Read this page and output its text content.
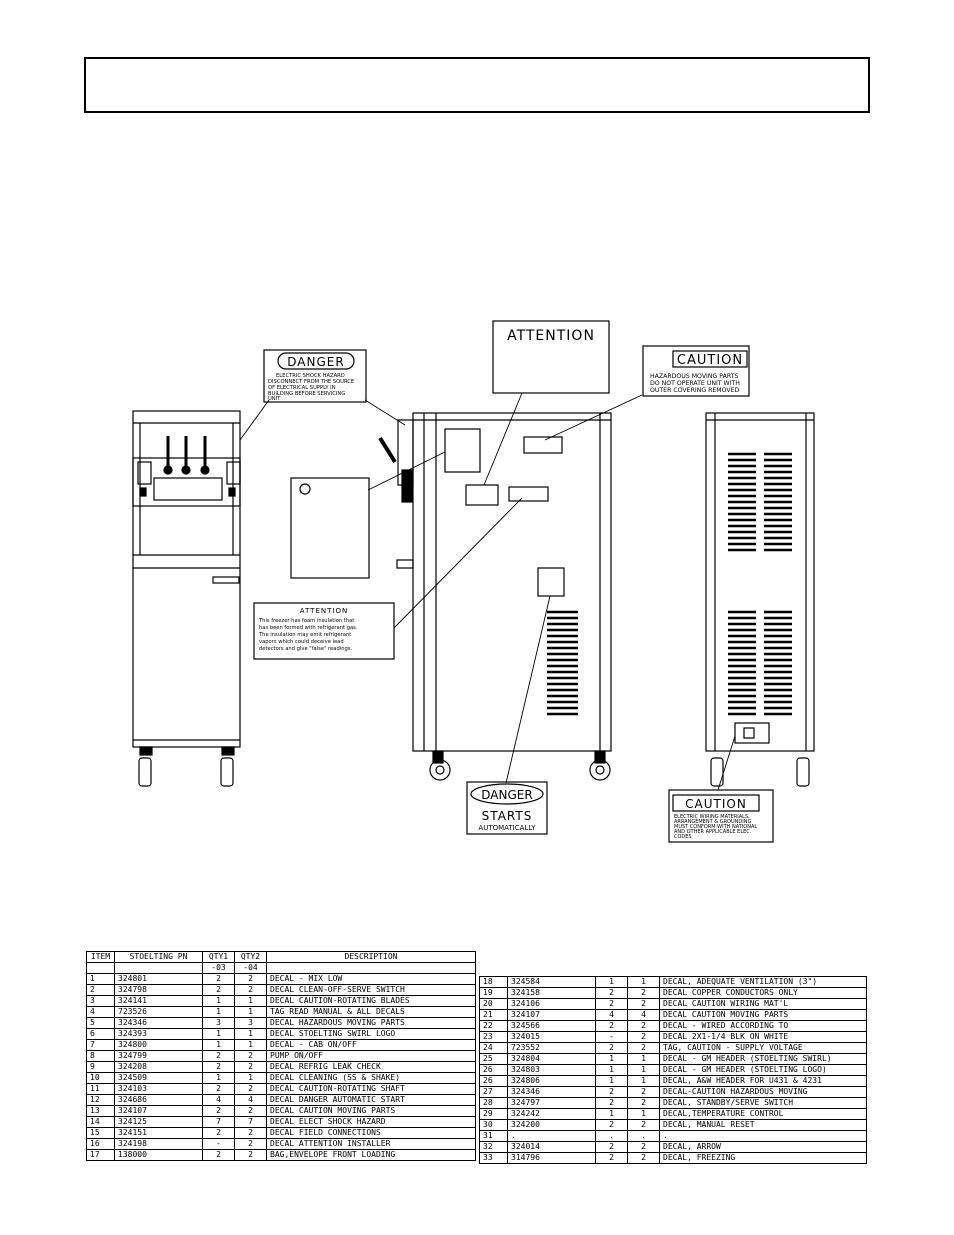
ATTENTION
CAUTION
HAZARDOUS MOVING PARTS
DO NOT OPERATE UNIT WITH
OUTER COVERING REMOVED
DANGER
ELECTRIC SHOCK HAZARD
DISCONNECT FROM THE SOURCE
OF ELECTRICAL SUPPLY IN
BUILDING BEFORE SERVICING
UNIT
ATTENTION
This freezer has foam insulation that
has been formed with refrigerant gas.
The insulation may emit refrigerant
vapors which could deceive lead
detectors and give "false" readings.
DANGER
STARTS
AUTOMATICALLY
CAUTION
ELECTRIC WIRING MATERIALS,
ARRANGEMENT & GROUNDING
MUST CONFORM WITH NATIONAL
AND OTHER APPLICABLE ELEC.
CODES
ITEM	STOELTING PN	QTY1	QTY2	DESCRIPTION
		-03	-04	
1	324801	2	2	DECAL - MIX LOW
2	324798	2	2	DECAL CLEAN-OFF-SERVE SWITCH
3	324141	1	1	DECAL CAUTION-ROTATING BLADES
4	723526	1	1	TAG READ MANUAL & ALL DECALS
5	324346	3	3	DECAL HAZARDOUS MOVING PARTS
6	324393	1	1	DECAL STOELTING SWIRL LOGO
7	324800	1	1	DECAL - CAB ON/OFF
8	324799	2	2	PUMP ON/OFF
9	324208	2	2	DECAL REFRIG LEAK CHECK
10	324509	1	1	DECAL CLEANING (SS & SHAKE)
11	324103	2	2	DECAL CAUTION-ROTATING SHAFT
12	324686	4	4	DECAL DANGER AUTOMATIC START
13	324107	2	2	DECAL CAUTION MOVING PARTS
14	324125	7	7	DECAL ELECT SHOCK HAZARD
15	324151	2	2	DECAL FIELD CONNECTIONS
16	324198	-	2	DECAL ATTENTION INSTALLER
17	138000	2	2	BAG,ENVELOPE FRONT LOADING
18	324584	1	1	DECAL, ADEQUATE VENTILATION (3")
19	324158	2	2	DECAL COPPER CONDUCTORS ONLY
20	324106	2	2	DECAL CAUTION WIRING MAT'L
21	324107	4	4	DECAL CAUTION MOVING PARTS
22	324566	2	2	DECAL - WIRED ACCORDING TO
23	324015	-	2	DECAL 2X1-1/4 BLK ON WHITE
24	723552	2	2	TAG, CAUTION - SUPPLY VOLTAGE
25	324804	1	1	DECAL - GM HEADER (STOELTING SWIRL)
26	324803	1	1	DECAL - GM HEADER (STOELTING LOGO)
26	324806	1	1	DECAL, A&W HEADER FOR U431 & 4231
27	324346	2	2	DECAL-CAUTION HAZARDOUS MOVING
28	324797	2	2	DECAL, STANDBY/SERVE SWITCH
29	324242	1	1	DECAL,TEMPERATURE CONTROL
30	324200	2	2	DECAL, MANUAL RESET
31	.	.	.	.
32	324014	2	2	DECAL, ARROW
33	314796	2	2	DECAL, FREEZING
